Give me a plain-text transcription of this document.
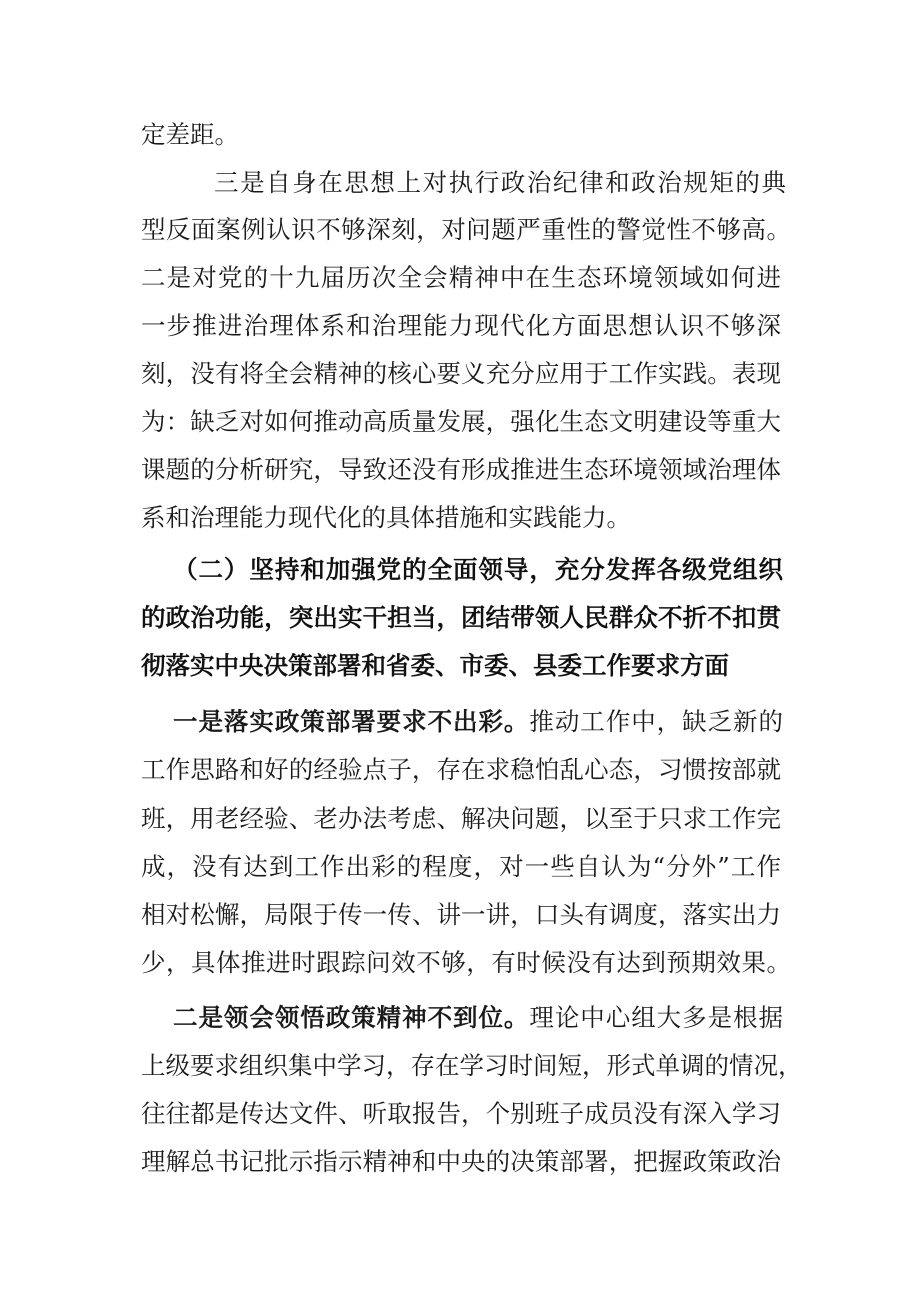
定差距。
三是自身在思想上对执行政治纪律和政治规矩的典
型反面案例认识不够深刻，对问题严重性的警觉性不够高。
二是对党的十九届历次全会精神中在生态环境领域如何进
一步推进治理体系和治理能力现代化方面思想认识不够深
刻，没有将全会精神的核心要义充分应用于工作实践。表现
为：缺乏对如何推动高质量发展，强化生态文明建设等重大
课题的分析研究，导致还没有形成推进生态环境领域治理体
系和治理能力现代化的具体措施和实践能力。
（二）坚持和加强党的全面领导，充分发挥各级党组织
的政治功能，突出实干担当，团结带领人民群众不折不扣贯
彻落实中央决策部署和省委、市委、县委工作要求方面
一是落实政策部署要求不出彩。推动工作中，缺乏新的
工作思路和好的经验点子，存在求稳怕乱心态，习惯按部就
班，用老经验、老办法考虑、解决问题，以至于只求工作完
成，没有达到工作出彩的程度，对一些自认为“分外”工作
相对松懈，局限于传一传、讲一讲，口头有调度，落实出力
少，具体推进时跟踪问效不够，有时候没有达到预期效果。
二是领会领悟政策精神不到位。理论中心组大多是根据
上级要求组织集中学习，存在学习时间短，形式单调的情况，
往往都是传达文件、听取报告，个别班子成员没有深入学习
理解总书记批示指示精神和中央的决策部署，把握政策政治
